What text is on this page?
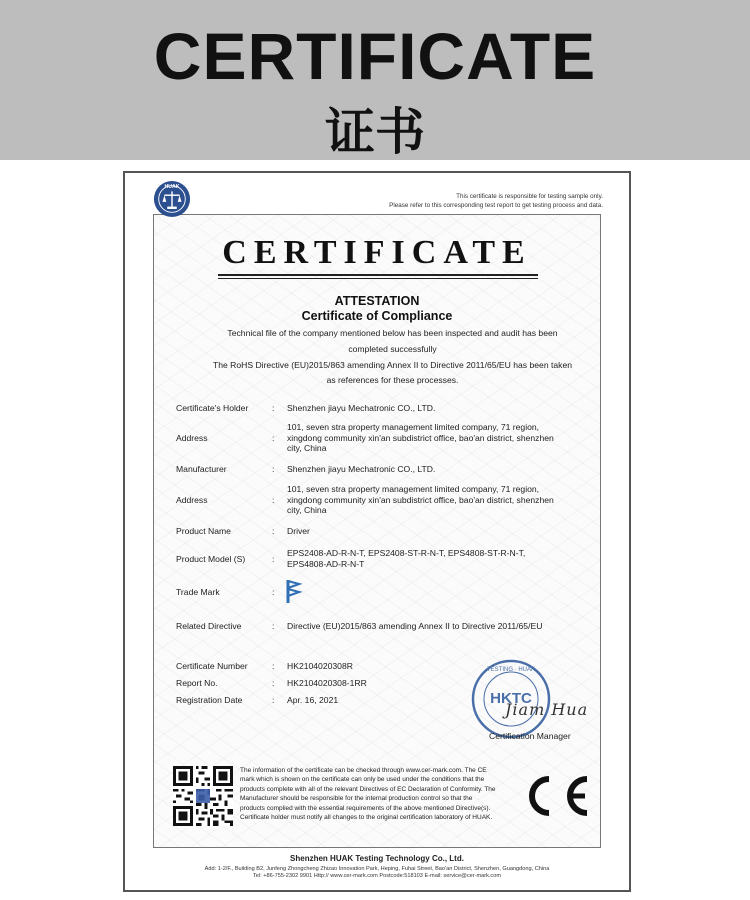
CERTIFICATE
证书
HUAK
This certificate is responsible for testing sample only.
Please refer to this corresponding test report to get testing process and data.
CERTIFICATE
ATTESTATION
Certificate of Compliance
Technical file of the company mentioned below has been inspected and audit has been
completed successfully
The RoHS Directive (EU)2015/863 amending Annex II to Directive 2011/65/EU has been taken
as references for these processes.
Certificate's Holder	: Shenzhen jiayu Mechatronic CO., LTD.
Address	:
101, seven stra property management limited company, 71 region,
xingdong community xin'an subdistrict office, bao'an district, shenzhen
city, China
Manufacturer	: Shenzhen jiayu Mechatronic CO., LTD.
Address	:
101, seven stra property management limited company, 71 region,
xingdong community xin'an subdistrict office, bao'an district, shenzhen
city, China
Product Name	: Driver
Product Model (S)	:
EPS2408-AD-R-N-T, EPS2408-ST-R-N-T, EPS4808-ST-R-N-T,
EPS4808-AD-R-N-T
Trade Mark	:
Related Directive	: Directive (EU)2015/863 amending Annex II to Directive 2011/65/EU
Certificate Number	: HK2104020308R
Report No.	: HK2104020308-1RR
Registration Date	: Apr. 16, 2021
TESTING · HUAK
HKTC
Jiam Hua
Certification Manager
The information of the certificate can be checked through www.cer-mark.com. The CE
mark which is shown on the certificate can only be used under the conditions that the
products complete with all of the relevant Directives of EC Declaration of Conformity. The
Manufacturer should be responsible for the internal production control so that the
products complied with the essential requirements of the above mentioned Directive(s).
Certificate holder must notify all changes to the original certification laboratory of HUAK.
CE
Shenzhen HUAK Testing Technology Co., Ltd.
Add: 1-2/F., Building B2, Junfeng Zhongcheng Zhizao Innovation Park, Heping, Fuhai Street, Bao'an District, Shenzhen, Guangdong, China
Tel: +86-755-2302 9901 Http:// www.cer-mark.com Postcode:518103 E-mail: service@cer-mark.com
